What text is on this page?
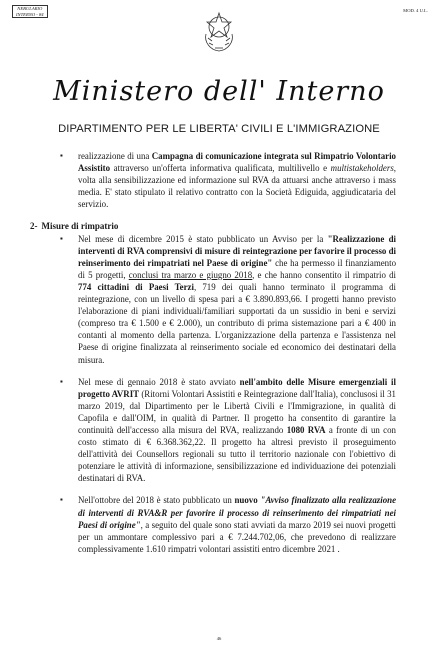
NEBULARIO
INTERNO - 84
MOD. 4 U.L.
Ministero dell' Interno
DIPARTIMENTO PER LE LIBERTA' CIVILI E L'IMMIGRAZIONE
▪ realizzazione di una Campagna di comunicazione integrata sul Rimpatrio Volontario Assistito attraverso un'offerta informativa qualificata, multilivello e multistakeholders, volta alla sensibilizzazione ed informazione sul RVA da attuarsi anche attraverso i mass media. E' stato stipulato il relativo contratto con la Società Ediguida, aggiudicataria del servizio.

2- Misure di rimpatrio
▪ Nel mese di dicembre 2015 è stato pubblicato un Avviso per la "Realizzazione di interventi di RVA comprensivi di misure di reintegrazione per favorire il processo di reinserimento dei rimpatriati nel Paese di origine" che ha permesso il finanziamento di 5 progetti, conclusi tra marzo e giugno 2018, e che hanno consentito il rimpatrio di 774 cittadini di Paesi Terzi, 719 dei quali hanno terminato il programma di reintegrazione, con un livello di spesa pari a € 3.890.893,66. I progetti hanno previsto l'elaborazione di piani individuali/familiari supportati da un sussidio in beni e servizi (compreso tra € 1.500 e € 2.000), un contributo di prima sistemazione pari a € 400 in contanti al momento della partenza. L'organizzazione della partenza e l'assistenza nel Paese di origine finalizzata al reinserimento sociale ed economico dei destinatari della misura.

▪ Nel mese di gennaio 2018 è stato avviato nell'ambito delle Misure emergenziali il progetto AVRIT (Ritorni Volontari Assistiti e Reintegrazione dall'Italia), conclusosi il 31 marzo 2019, dal Dipartimento per le Libertà Civili e l'Immigrazione, in qualità di Capofila e dall'OIM, in qualità di Partner. Il progetto ha consentito di garantire la continuità dell'accesso alla misura del RVA, realizzando 1080 RVA a fronte di un con costo stimato di € 6.368.362,22. Il progetto ha altresì previsto il proseguimento dell'attività dei Counsellors regionali su tutto il territorio nazionale con l'obiettivo di potenziare le attività di informazione, sensibilizzazione ed individuazione dei potenziali destinatari di RVA.

▪ Nell'ottobre del 2018 è stato pubblicato un nuovo "Avviso finalizzato alla realizzazione di interventi di RVA&R per favorire il processo di reinserimento dei rimpatriati nei Paesi di origine", a seguito del quale sono stati avviati da marzo 2019 sei nuovi progetti per un ammontare complessivo pari a € 7.244.702,06, che prevedono di realizzare complessivamente 1.610 rimpatri volontari assistiti entro dicembre 2021 .

46
